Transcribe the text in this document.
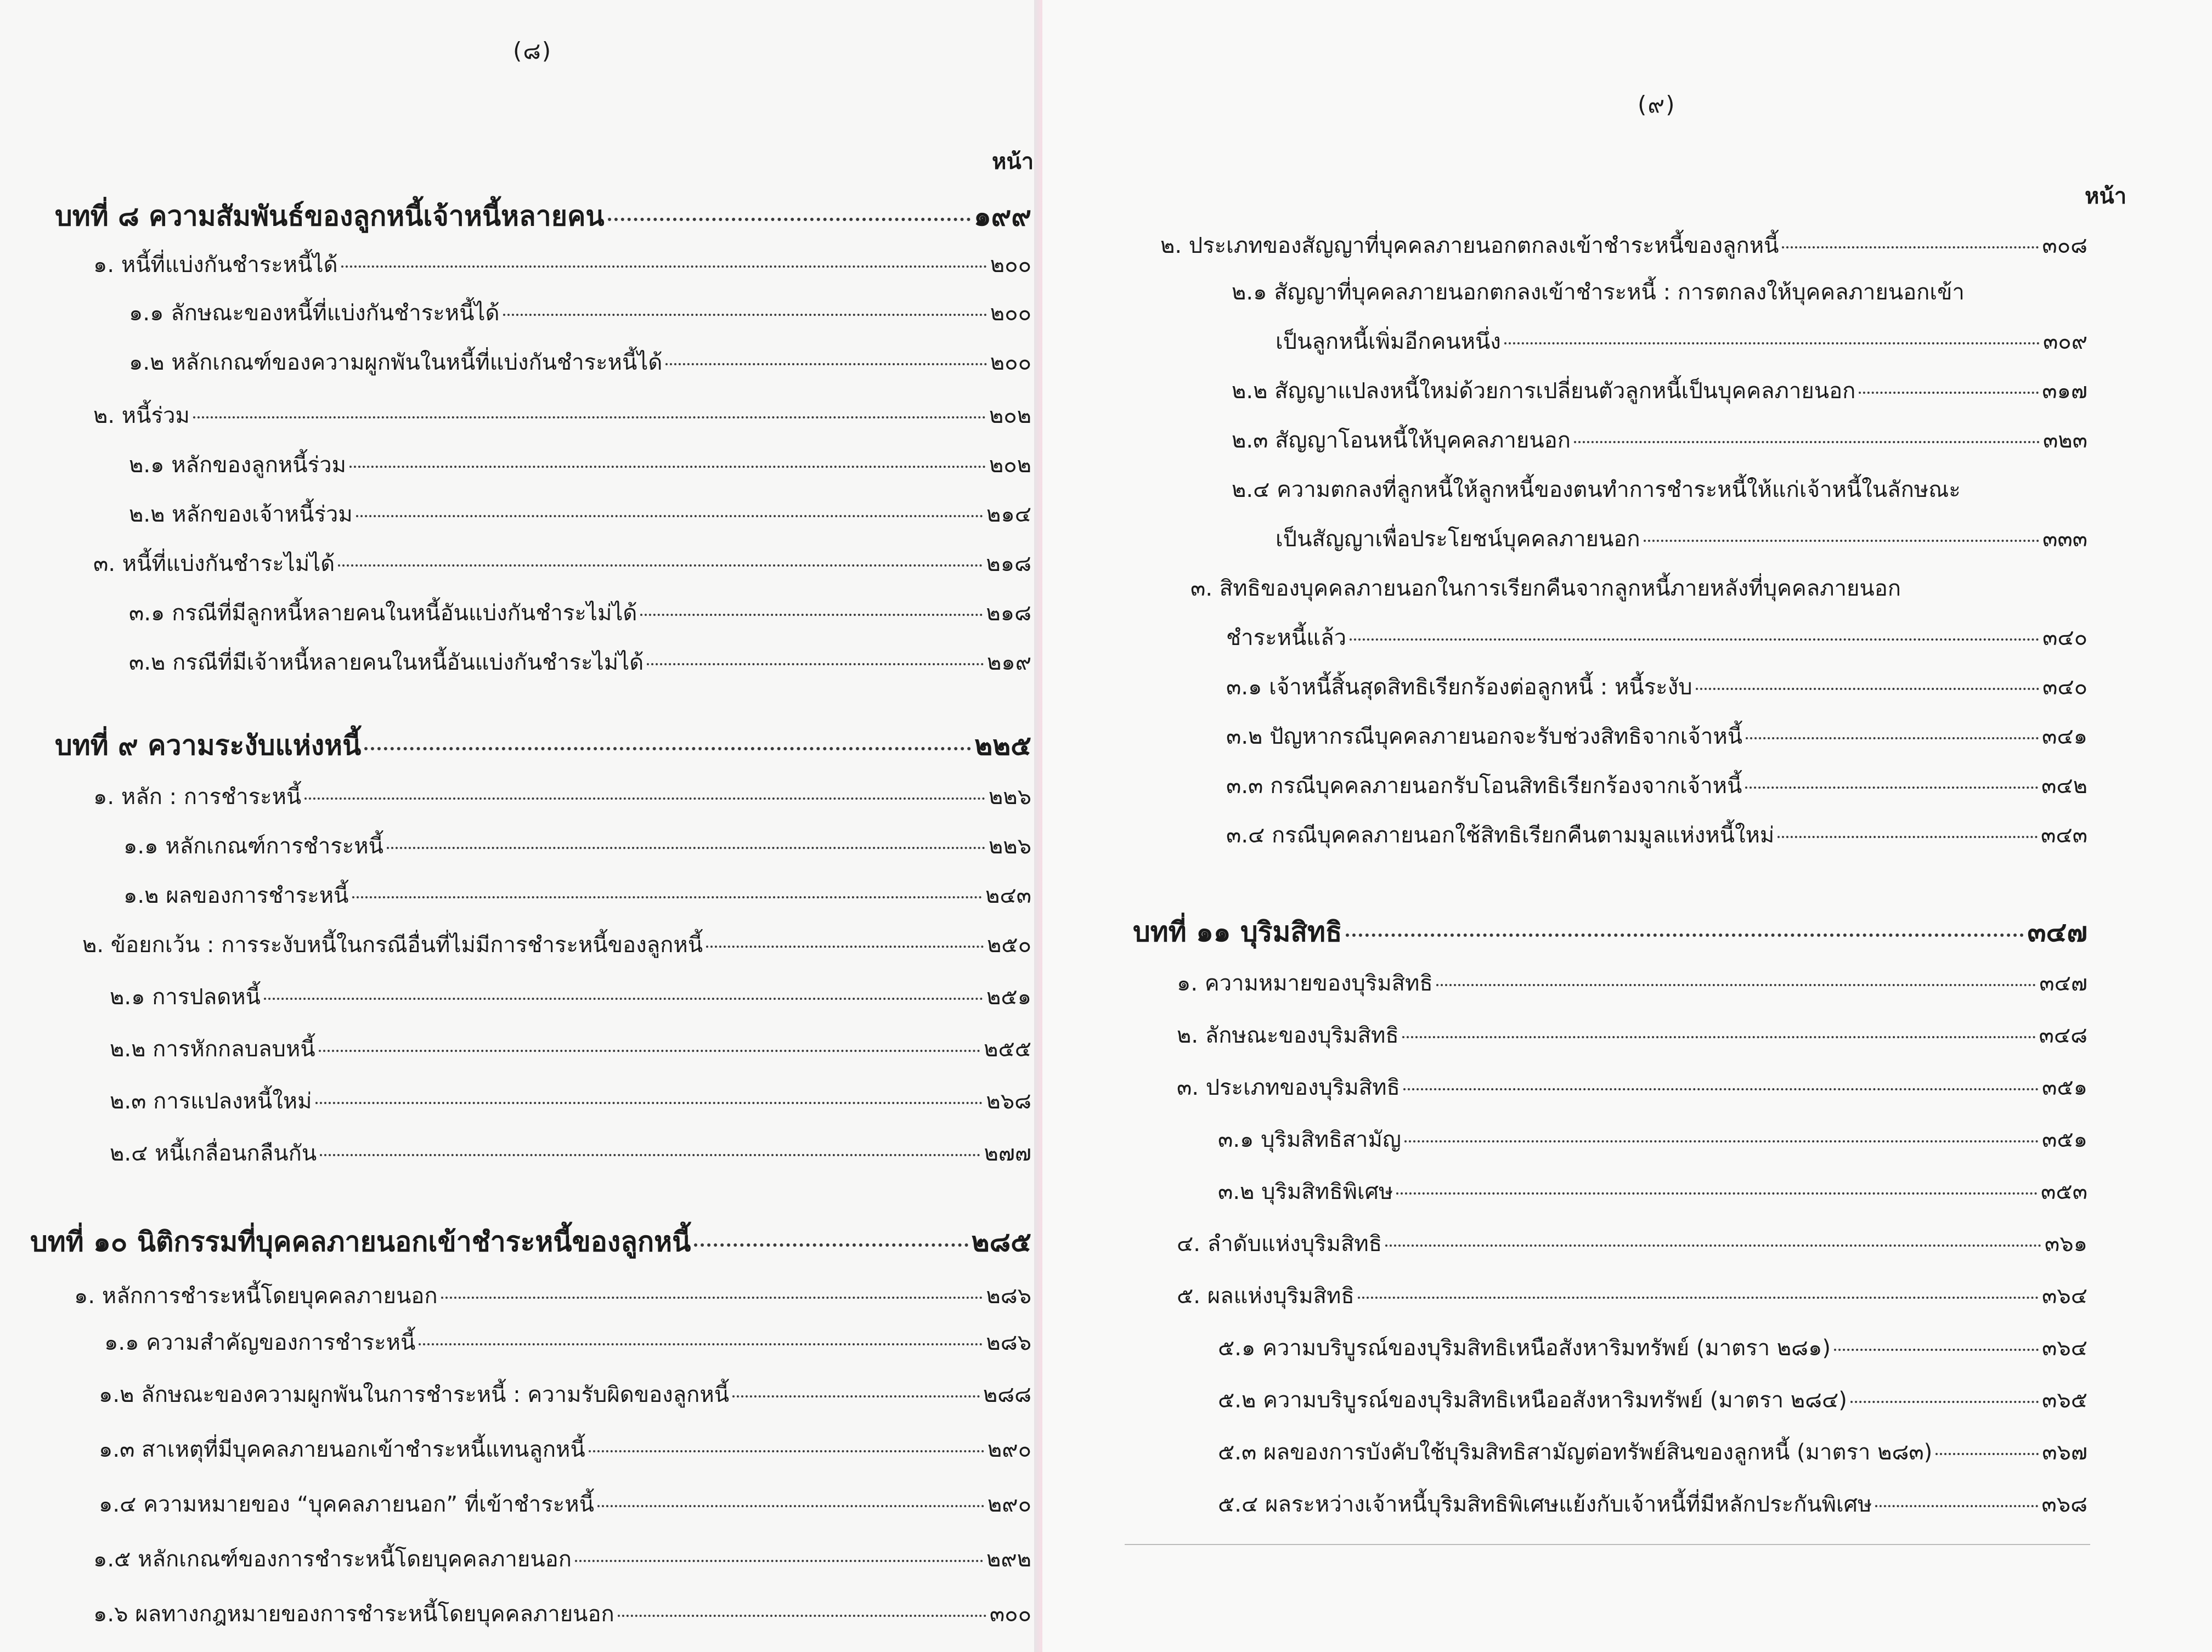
(๘)
หน้า
บทที่ ๘ ความสัมพันธ์ของลูกหนี้เจ้าหนี้หลายคน	๑๙๙
๑. หนี้ที่แบ่งกันชำระหนี้ได้	๒๐๐
๑.๑ ลักษณะของหนี้ที่แบ่งกันชำระหนี้ได้	๒๐๐
๑.๒ หลักเกณฑ์ของความผูกพันในหนี้ที่แบ่งกันชำระหนี้ได้	๒๐๐
๒. หนี้ร่วม	๒๐๒
๒.๑ หลักของลูกหนี้ร่วม	๒๐๒
๒.๒ หลักของเจ้าหนี้ร่วม	๒๑๔
๓. หนี้ที่แบ่งกันชำระไม่ได้	๒๑๘
๓.๑ กรณีที่มีลูกหนี้หลายคนในหนี้อันแบ่งกันชำระไม่ได้	๒๑๘
๓.๒ กรณีที่มีเจ้าหนี้หลายคนในหนี้อันแบ่งกันชำระไม่ได้	๒๑๙
บทที่ ๙ ความระงับแห่งหนี้	๒๒๕
๑. หลัก : การชำระหนี้	๒๒๖
๑.๑ หลักเกณฑ์การชำระหนี้	๒๒๖
๑.๒ ผลของการชำระหนี้	๒๔๓
๒. ข้อยกเว้น : การระงับหนี้ในกรณีอื่นที่ไม่มีการชำระหนี้ของลูกหนี้	๒๕๐
๒.๑ การปลดหนี้	๒๕๑
๒.๒ การหักกลบลบหนี้	๒๕๕
๒.๓ การแปลงหนี้ใหม่	๒๖๘
๒.๔ หนี้เกลื่อนกลืนกัน	๒๗๗
บทที่ ๑๐ นิติกรรมที่บุคคลภายนอกเข้าชำระหนี้ของลูกหนี้	๒๘๕
๑. หลักการชำระหนี้โดยบุคคลภายนอก	๒๘๖
๑.๑ ความสำคัญของการชำระหนี้	๒๘๖
๑.๒ ลักษณะของความผูกพันในการชำระหนี้ : ความรับผิดของลูกหนี้	๒๘๘
๑.๓ สาเหตุที่มีบุคคลภายนอกเข้าชำระหนี้แทนลูกหนี้	๒๙๐
๑.๔ ความหมายของ “บุคคลภายนอก” ที่เข้าชำระหนี้	๒๙๐
๑.๕ หลักเกณฑ์ของการชำระหนี้โดยบุคคลภายนอก	๒๙๒
๑.๖ ผลทางกฎหมายของการชำระหนี้โดยบุคคลภายนอก	๓๐๐
(๙)
หน้า
๒. ประเภทของสัญญาที่บุคคลภายนอกตกลงเข้าชำระหนี้ของลูกหนี้	๓๐๘
๒.๑ สัญญาที่บุคคลภายนอกตกลงเข้าชำระหนี้ : การตกลงให้บุคคลภายนอกเข้า
เป็นลูกหนี้เพิ่มอีกคนหนึ่ง	๓๐๙
๒.๒ สัญญาแปลงหนี้ใหม่ด้วยการเปลี่ยนตัวลูกหนี้เป็นบุคคลภายนอก	๓๑๗
๒.๓ สัญญาโอนหนี้ให้บุคคลภายนอก	๓๒๓
๒.๔ ความตกลงที่ลูกหนี้ให้ลูกหนี้ของตนทำการชำระหนี้ให้แก่เจ้าหนี้ในลักษณะ
เป็นสัญญาเพื่อประโยชน์บุคคลภายนอก	๓๓๓
๓. สิทธิของบุคคลภายนอกในการเรียกคืนจากลูกหนี้ภายหลังที่บุคคลภายนอก
ชำระหนี้แล้ว	๓๔๐
๓.๑ เจ้าหนี้สิ้นสุดสิทธิเรียกร้องต่อลูกหนี้ : หนี้ระงับ	๓๔๐
๓.๒ ปัญหากรณีบุคคลภายนอกจะรับช่วงสิทธิจากเจ้าหนี้	๓๔๑
๓.๓ กรณีบุคคลภายนอกรับโอนสิทธิเรียกร้องจากเจ้าหนี้	๓๔๒
๓.๔ กรณีบุคคลภายนอกใช้สิทธิเรียกคืนตามมูลแห่งหนี้ใหม่	๓๔๓
บทที่ ๑๑ บุริมสิทธิ	๓๔๗
๑. ความหมายของบุริมสิทธิ	๓๔๗
๒. ลักษณะของบุริมสิทธิ	๓๔๘
๓. ประเภทของบุริมสิทธิ	๓๕๑
๓.๑ บุริมสิทธิสามัญ	๓๕๑
๓.๒ บุริมสิทธิพิเศษ	๓๕๓
๔. ลำดับแห่งบุริมสิทธิ	๓๖๑
๕. ผลแห่งบุริมสิทธิ	๓๖๔
๕.๑ ความบริบูรณ์ของบุริมสิทธิเหนือสังหาริมทรัพย์ (มาตรา ๒๘๑)	๓๖๔
๕.๒ ความบริบูรณ์ของบุริมสิทธิเหนืออสังหาริมทรัพย์ (มาตรา ๒๘๔)	๓๖๕
๕.๓ ผลของการบังคับใช้บุริมสิทธิสามัญต่อทรัพย์สินของลูกหนี้ (มาตรา ๒๘๓)	๓๖๗
๕.๔ ผลระหว่างเจ้าหนี้บุริมสิทธิพิเศษแย้งกับเจ้าหนี้ที่มีหลักประกันพิเศษ	๓๖๘
